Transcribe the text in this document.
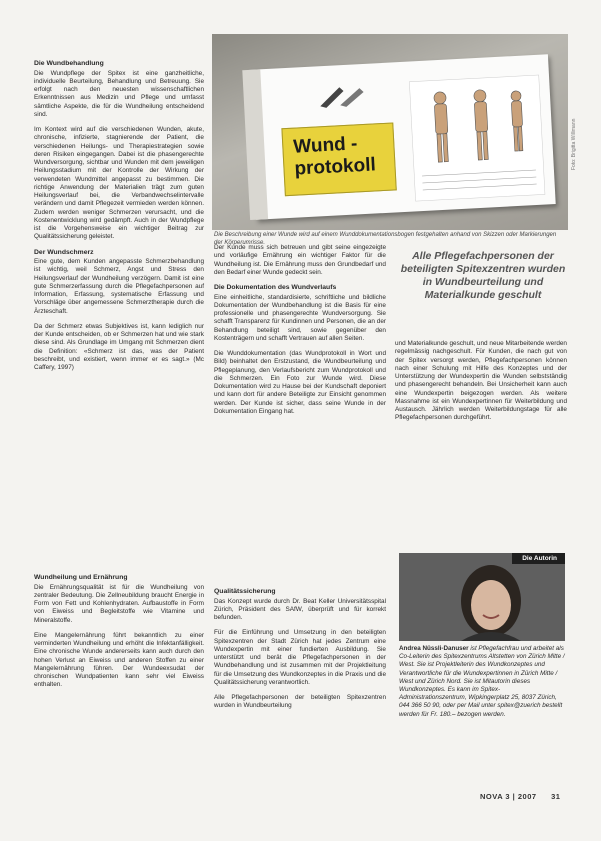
Die Wundbehandlung

Die Wundpflege der Spitex ist eine ganzheitliche, individuelle Beurteilung, Behandlung und Betreuung. Sie erfolgt nach den neuesten wissenschaftlichen Erkenntnissen aus Medizin und Pflege und umfasst sämtliche Aspekte, die für die Wundheilung entscheidend sind.

Im Kontext wird auf die verschiedenen Wunden, akute, chronische, infizierte, stagnierende der Patient, die verschiedenen Heilungs- und Therapiestrategien sowie deren Risiken eingegangen. Dabei ist die phasengerechte Wundversorgung, sichtbar und Wunden mit dem jeweiligen Heilungsstadium mit der Kontrolle der Wirkung der verwendeten Wundmittel angepasst zu bestimmen. Die richtige Anwendung der Materialien trägt zum guten Heilungsverlauf bei, die Verbandwechselintervalle verändern und damit Pflegezeit vermieden werden können. Zudem werden weniger Schmerzen verursacht, und die Kostenentwicklung wird gedämpft. Auch in der Wundpflege ist die Vorgehensweise ein wichtiger Beitrag zur Qualitätssicherung geleistet.

Der Wundschmerz

Eine gute, dem Kunden angepasste Schmerzbehandlung ist wichtig, weil Schmerz, Angst und Stress den Heilungsverlauf der Wundheilung verzögern. Damit ist eine gute Schmerzerfassung durch die Pflegefachpersonen auf Information, Erfassung, systematische Erfassung und Vorschläge über angemessene Schmerztherapie durch die Ärzteschaft.

Da der Schmerz etwas Subjektives ist, kann lediglich nur der Kunde entscheiden, ob er Schmerzen hat und wie stark diese sind. Als Grundlage im Umgang mit Schmerzen dient die Definition: «Schmerz ist das, was der Patient beschreibt, und existiert, wenn immer er es sagt.» (Mc Caffery, 1997)

Wundheilung und Ernährung

Die Ernährungsqualität ist für die Wundheilung von zentraler Bedeutung. Die Zellneubildung braucht Energie in Form von Fett und Kohlenhydraten. Aufbaustoffe in Form von Eiweiss und Begleitstoffe wie Vitamine und Mineralstoffe.

Eine Mangelernährung führt bekanntlich zu einer verminderten Wundheilung und erhöht die Infektanfälligkeit. Eine chronische Wunde andererseits kann auch durch den hohen Verlust an Eiweiss und anderen Stoffen zu einer Mangelernährung führen. Der Wundeexsudat der chronischen Wundpatienten kann sehr viel Eiweiss enthalten.

Wund - protokoll	Foto: Brigitta Willimann
Die Beschreibung einer Wunde wird auf einem Wunddokumentationsbogen festgehalten anhand von Skizzen oder Markierungen der Körperumrisse.

Der Kunde muss sich betreuen und gibt seine eingezeigte und vorläufige Ernährung ein wichtiger Faktor für die Wundheilung ist. Die Ernährung muss den Grundbedarf und den Bedarf einer Wunde gedeckt sein.

Die Dokumentation des Wundverlaufs

Eine einheitliche, standardisierte, schriftliche und bildliche Dokumentation der Wundbehandlung ist die Basis für eine professionelle und phasengerechte Wundversorgung. Sie schafft Transparenz für Kundinnen und Personen, die an der Behandlung beteiligt sind, sowie gegenüber den Kostenträgern und schafft Vertrauen auf allen Seiten.

Die Wunddokumentation (das Wundprotokoll in Wort und Bild) beinhaltet den Erstzustand, die Wundbeurteilung und Pflegeplanung, den Verlaufsbericht zum Wundprotokoll und die Schmerzen. Ein Foto zur Wunde wird. Diese Dokumentation wird zu Hause bei der Kundschaft deponiert und kann dort für andere Beteiligte zur Einsicht genommen werden. Der Kunde ist sicher, dass seine Wunde in der Dokumentation Eingang hat.

Qualitätssicherung

Das Konzept wurde durch Dr. Beat Keller Universitätsspital Zürich, Präsident des SAfW, überprüft und für korrekt befunden.

Für die Einführung und Umsetzung in den beteiligten Spitexzentren der Stadt Zürich hat jedes Zentrum eine Wundexpertin mit einer fundierten Ausbildung. Sie unterstützt und berät die Pflegefachpersonen in der Wundbehandlung und ist zusammen mit der Projektleitung für die Umsetzung des Wundkonzeptes in die Praxis und die Qualitätssicherung verantwortlich.

Alle Pflegefachpersonen der beteiligten Spitexzentren wurden in Wundbeurteilung

Alle Pflegefachpersonen der beteiligten Spitexzentren wurden in Wundbeurteilung und Materialkunde geschult

und Materialkunde geschult, und neue Mitarbeitende werden regelmässig nachgeschult. Für Kunden, die nach gut von der Spitex versorgt werden, Pflegefachpersonen können nach einer Schulung mit Hilfe des Konzeptes und der Unterstützung der Wundexpertin die Wunden selbstständig und phasengerecht behandeln. Bei Unsicherheit kann auch eine Wundexpertin beigezogen werden. Als weitere Massnahme ist ein Wundexpertinnen für Weiterbildung und Austausch. Jährlich werden Weiterbildungstage für alle Pflegefachpersonen durchgeführt.

Die Autorin
Andrea Nüssli-Danuser ist Pflegefachfrau und arbeitet als Co-Leiterin des Spitexzentrums Altstetten von Zürich Mitte / West. Sie ist Projektleiterin des Wundkonzeptes und Verantwortliche für die Wundexpertinnen in Zürich Mitte / West und Zürich Nord. Sie ist Mitautorin dieses Wundkonzeptes. Es kann im Spitex-Administrationszentrum, Wipkingerplatz 25, 8037 Zürich, 044 366 50 90, oder per Mail unter spitex@zuerich bestellt werden für Fr. 180.– bezogen werden.
NOVA 3 | 2007 31
